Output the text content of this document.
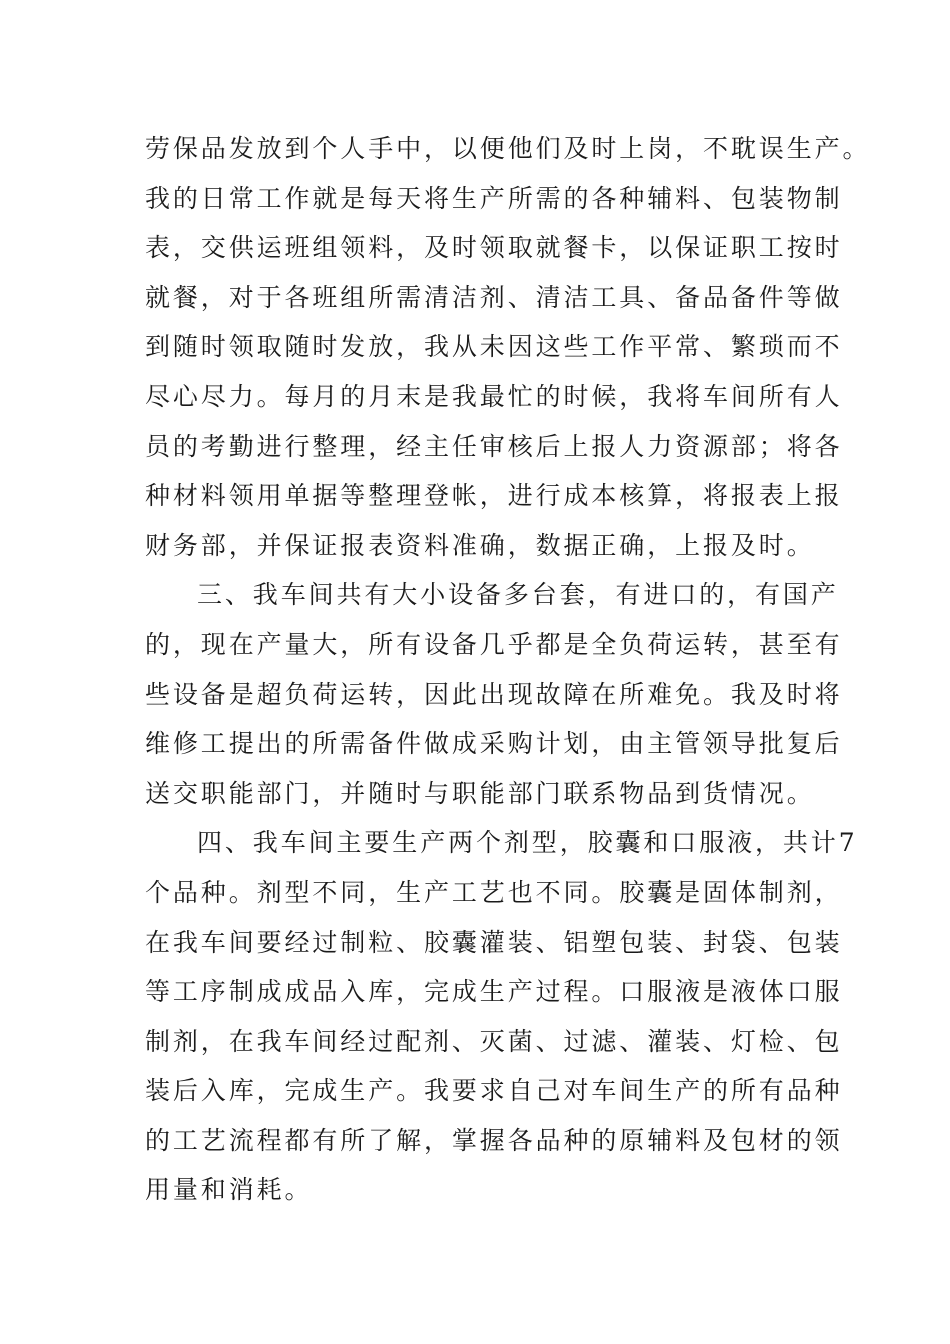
劳保品发放到个人手中，以便他们及时上岗，不耽误生产。
我的日常工作就是每天将生产所需的各种辅料、包装物制
表，交供运班组领料，及时领取就餐卡，以保证职工按时
就餐，对于各班组所需清洁剂、清洁工具、备品备件等做
到随时领取随时发放，我从未因这些工作平常、繁琐而不
尽心尽力。每月的月末是我最忙的时候，我将车间所有人
员的考勤进行整理，经主任审核后上报人力资源部；将各
种材料领用单据等整理登帐，进行成本核算，将报表上报
财务部，并保证报表资料准确，数据正确，上报及时。
三、我车间共有大小设备多台套，有进口的，有国产
的，现在产量大，所有设备几乎都是全负荷运转，甚至有
些设备是超负荷运转，因此出现故障在所难免。我及时将
维修工提出的所需备件做成采购计划，由主管领导批复后
送交职能部门，并随时与职能部门联系物品到货情况。
四、我车间主要生产两个剂型，胶囊和口服液，共计7
个品种。剂型不同，生产工艺也不同。胶囊是固体制剂，
在我车间要经过制粒、胶囊灌装、铝塑包装、封袋、包装
等工序制成成品入库，完成生产过程。口服液是液体口服
制剂，在我车间经过配剂、灭菌、过滤、灌装、灯检、包
装后入库，完成生产。我要求自己对车间生产的所有品种
的工艺流程都有所了解，掌握各品种的原辅料及包材的领
用量和消耗。
